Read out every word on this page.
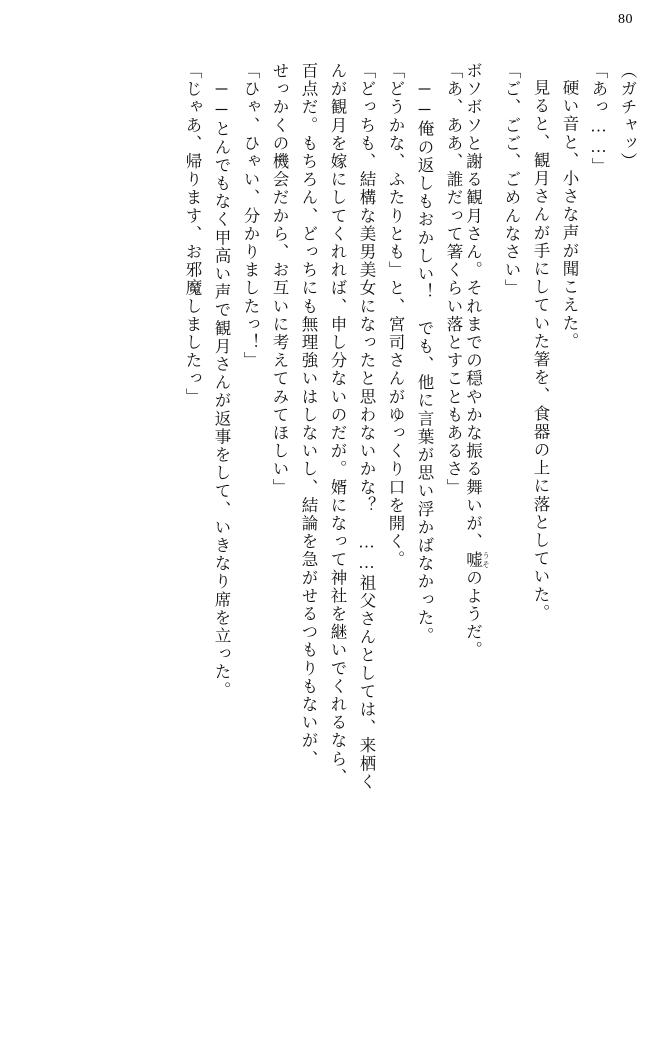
80
（ガチャッ）
「あっ……」
硬い音と、小さな声が聞こえた。
見ると、観月さんが手にしていた箸を、食器の上に落としていた。
「ご、ごご、ごめんなさい」
ボソボソと謝る観月さん。それまでの穏やかな振る舞いが、嘘 うそのようだ。
「あ、ああ、誰だって箸くらい落とすこともあるさ」
──俺の返しもおかしい！　でも、他に言葉が思い浮かばなかった。
「どうかな、ふたりとも」と、宮司さんがゆっくり口を開く。
「どっちも、結構な美男美女になったと思わないかな？　……祖父さんとしては、来栖く
んが観月を嫁にしてくれれば、申し分ないのだが。婿になって神社を継いでくれるなら、
百点だ。もちろん、どっちにも無理強いはしないし、結論を急がせるつもりもないが、
せっかくの機会だから、お互いに考えてみてほしい」
「ひゃ、ひゃい、分かりましたっ！」
──とんでもなく甲高い声で観月さんが返事をして、いきなり席を立った。
「じゃあ、帰ります、お邪魔しましたっ」
